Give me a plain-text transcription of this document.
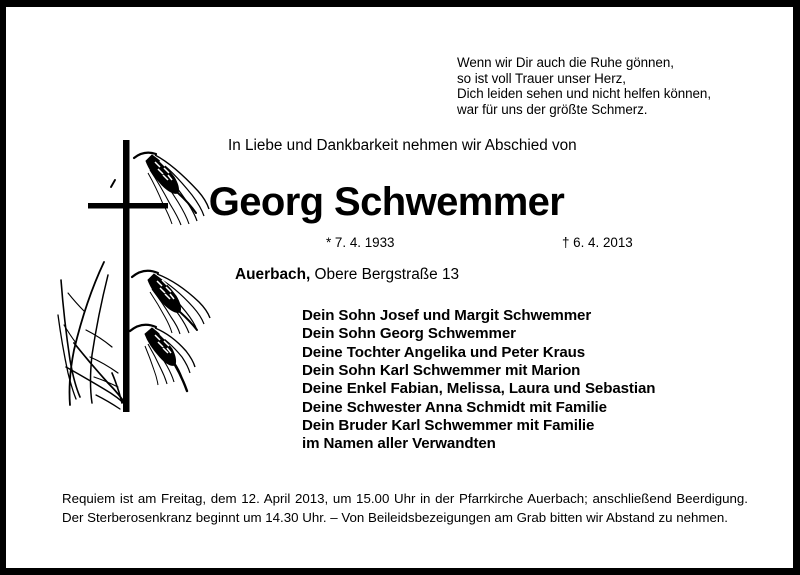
Wenn wir Dir auch die Ruhe gönnen,
so ist voll Trauer unser Herz,
Dich leiden sehen und nicht helfen können,
war für uns der größte Schmerz.
In Liebe und Dankbarkeit nehmen wir Abschied von
Georg Schwemmer
* 7. 4. 1933	† 6. 4. 2013
Auerbach, Obere Bergstraße 13
Dein Sohn Josef und Margit Schwemmer
Dein Sohn Georg Schwemmer
Deine Tochter Angelika und Peter Kraus
Dein Sohn Karl Schwemmer mit Marion
Deine Enkel Fabian, Melissa, Laura und Sebastian
Deine Schwester Anna Schmidt mit Familie
Dein Bruder Karl Schwemmer mit Familie
im Namen aller Verwandten
Requiem ist am Freitag, dem 12. April 2013, um 15.00 Uhr in der Pfarrkirche Auerbach; anschließend Beerdigung. Der Sterberosenkranz beginnt um 14.30 Uhr. – Von Beileidsbezeigungen am Grab bitten wir Abstand zu nehmen.
